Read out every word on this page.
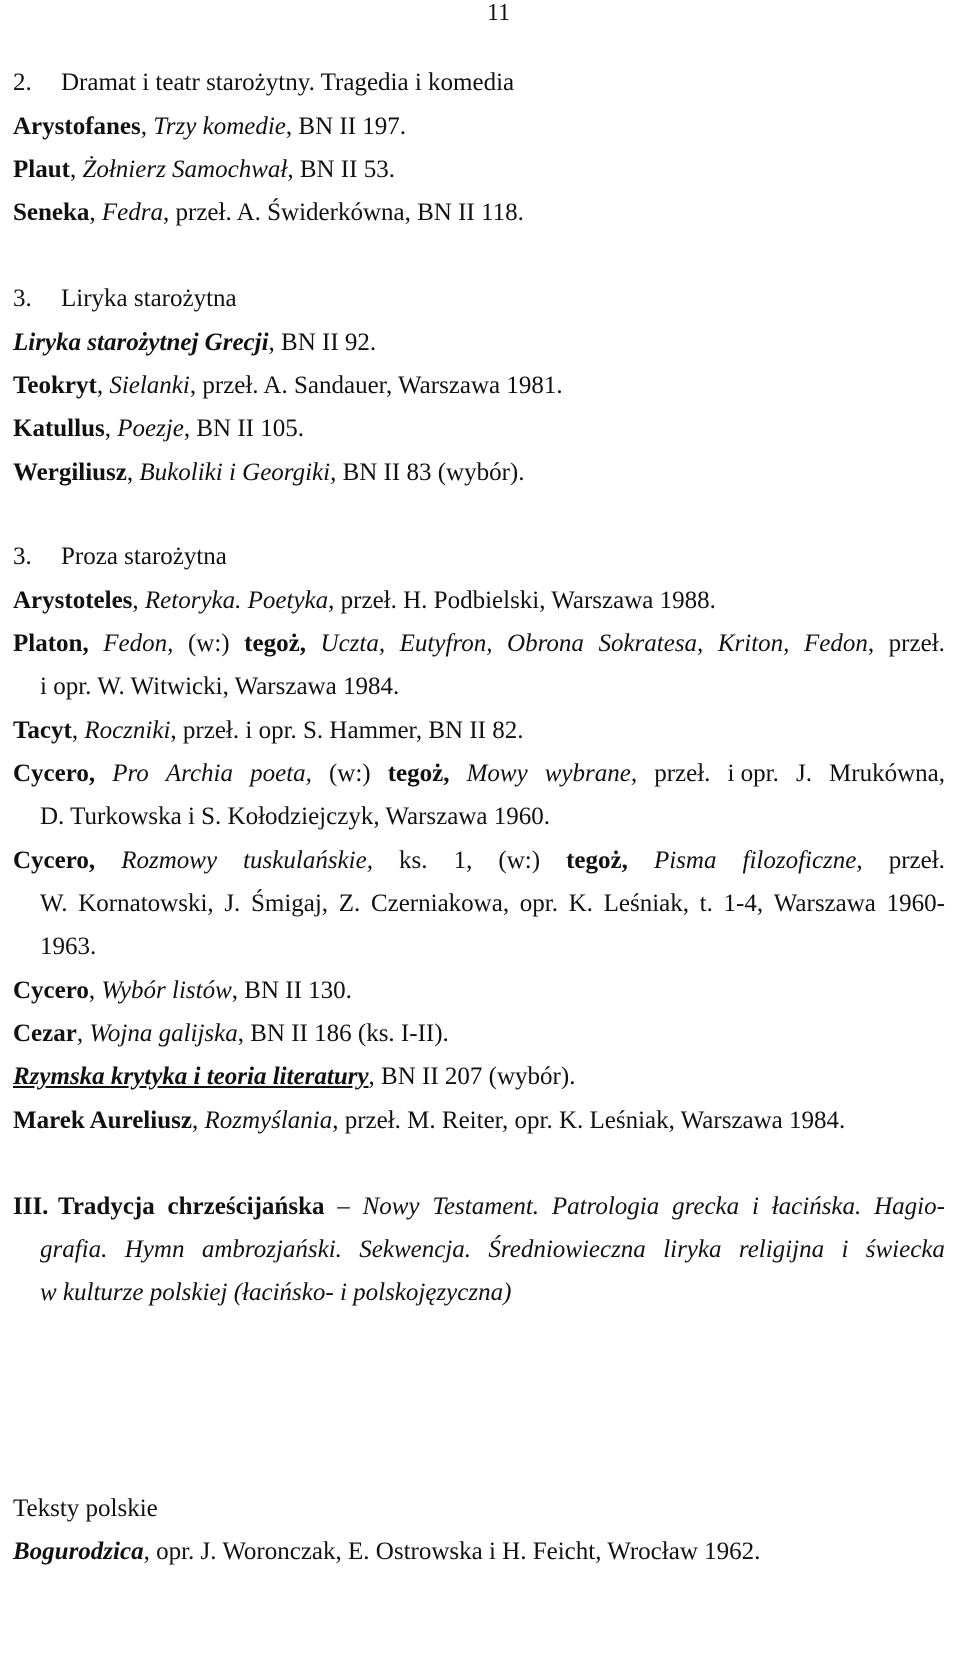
11
2. Dramat i teatr starożytny. Tragedia i komedia
Arystofanes, Trzy komedie, BN II 197.
Plaut, Żołnierz Samochwał, BN II 53.
Seneka, Fedra, przeł. A. Świderkówna, BN II 118.
3. Liryka starożytna
Liryka starożytnej Grecji, BN II 92.
Teokryt, Sielanki, przeł. A. Sandauer, Warszawa 1981.
Katullus, Poezje, BN II 105.
Wergiliusz, Bukoliki i Georgiki, BN II 83 (wybór).
3. Proza starożytna
Arystoteles, Retoryka. Poetyka, przeł. H. Podbielski, Warszawa 1988.
Platon, Fedon, (w:) tegoż, Uczta, Eutyfron, Obrona Sokratesa, Kriton, Fedon, przeł.
i opr. W. Witwicki, Warszawa 1984.
Tacyt, Roczniki, przeł. i opr. S. Hammer, BN II 82.
Cycero, Pro Archia poeta, (w:) tegoż, Mowy wybrane, przeł. i opr. J. Mrukówna,
D. Turkowska i S. Kołodziejczyk, Warszawa 1960.
Cycero, Rozmowy tuskulańskie, ks. 1, (w:) tegoż, Pisma filozoficzne, przeł.
W. Kornatowski, J. Śmigaj, Z. Czerniakowa, opr. K. Leśniak, t. 1-4, Warszawa 1960-
1963.
Cycero, Wybór listów, BN II 130.
Cezar, Wojna galijska, BN II 186 (ks. I-II).
Rzymska krytyka i teoria literatury, BN II 207 (wybór).
Marek Aureliusz, Rozmyślania, przeł. M. Reiter, opr. K. Leśniak, Warszawa 1984.
III. Tradycja chrześcijańska – Nowy Testament. Patrologia grecka i łacińska. Hagio-
grafia. Hymn ambrozjański. Sekwencja. Średniowieczna liryka religijna i świecka
w kulturze polskiej (łacińsko- i polskojęzyczna)
Teksty polskie
Bogurodzica, opr. J. Woronczak, E. Ostrowska i H. Feicht, Wrocław 1962.
